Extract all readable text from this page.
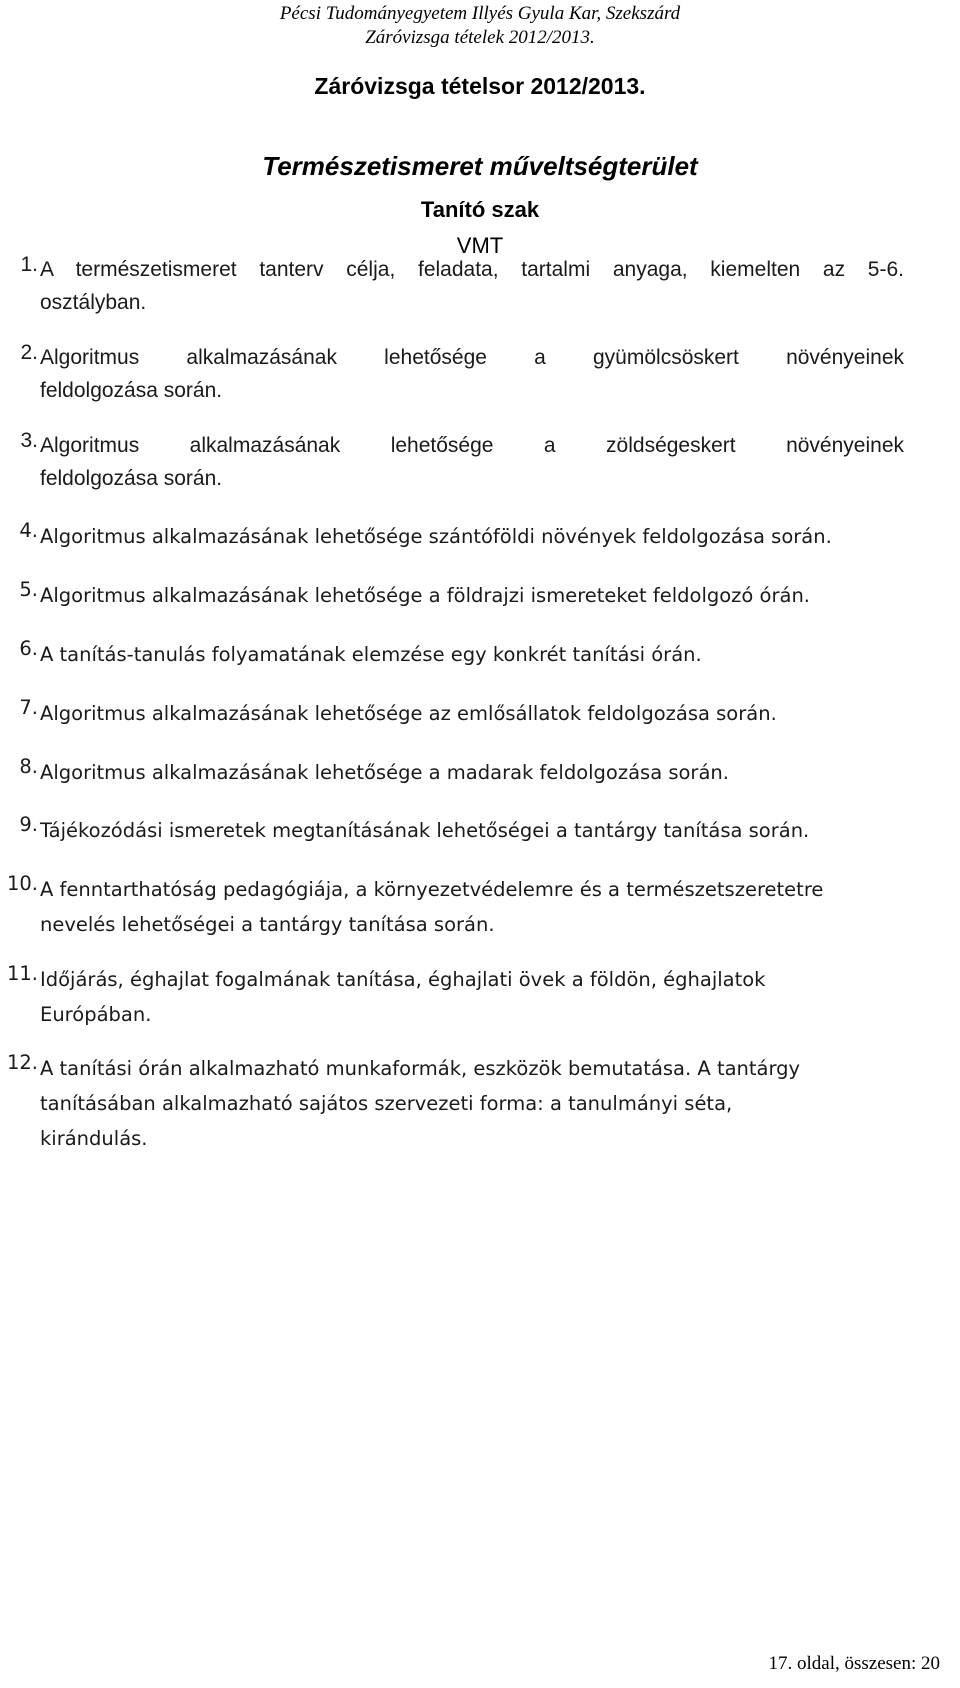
Pécsi Tudományegyetem Illyés Gyula Kar, Szekszárd
Záróvizsga tételek 2012/2013.
Záróvizsga tételsor 2012/2013.
Természetismeret műveltségterület
Tanító szak
VMT
1. A természetismeret tanterv célja, feladata, tartalmi anyaga, kiemelten az 5-6.
osztályban.
2. Algoritmus alkalmazásának lehetősége a gyümölcsöskert növényeinek
feldolgozása során.
3. Algoritmus alkalmazásának lehetősége a zöldségeskert növényeinek
feldolgozása során.
4. Algoritmus alkalmazásának lehetősége szántóföldi növények feldolgozása során.
5. Algoritmus alkalmazásának lehetősége a földrajzi ismereteket feldolgozó órán.
6. A tanítás-tanulás folyamatának elemzése egy konkrét tanítási órán.
7. Algoritmus alkalmazásának lehetősége az emlősállatok feldolgozása során.
8. Algoritmus alkalmazásának lehetősége a madarak feldolgozása során.
9. Tájékozódási ismeretek megtanításának lehetőségei a tantárgy tanítása során.
10. A fenntarthatóság pedagógiája, a környezetvédelemre és a természetszeretetre
nevelés lehetőségei a tantárgy tanítása során.
11. Időjárás, éghajlat fogalmának tanítása, éghajlati övek a földön, éghajlatok
Európában.
12. A tanítási órán alkalmazható munkaformák, eszközök bemutatása. A tantárgy
tanításában alkalmazható sajátos szervezeti forma: a tanulmányi séta,
kirándulás.
17. oldal, összesen: 20
